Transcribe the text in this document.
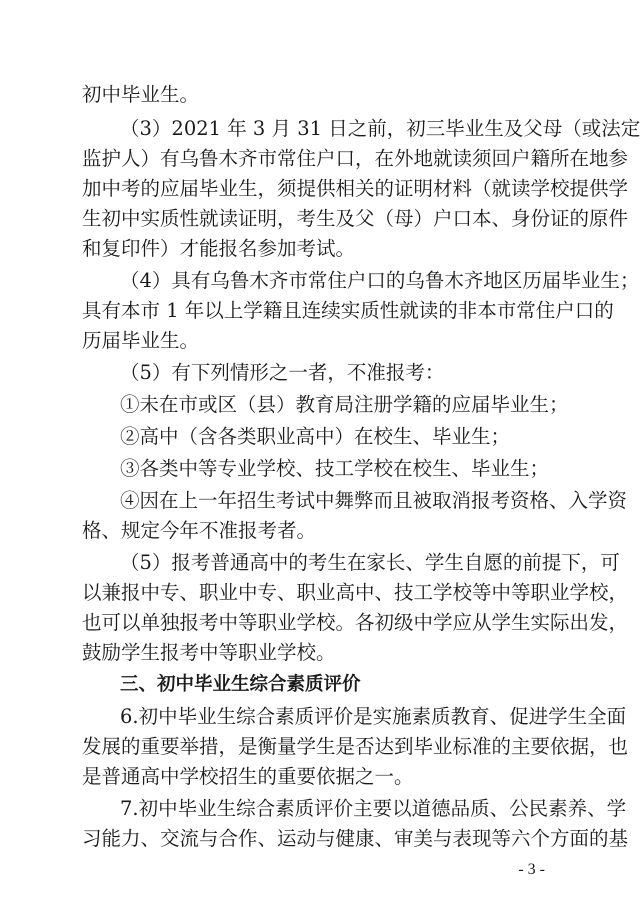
初中毕业生。
（3）2021 年 3 月 31 日之前，初三毕业生及父母（或法定
监护人）有乌鲁木齐市常住户口，在外地就读须回户籍所在地参
加中考的应届毕业生，须提供相关的证明材料（就读学校提供学
生初中实质性就读证明，考生及父（母）户口本、身份证的原件
和复印件）才能报名参加考试。
（4）具有乌鲁木齐市常住户口的乌鲁木齐地区历届毕业生；
具有本市 1 年以上学籍且连续实质性就读的非本市常住户口的
历届毕业生。
（5）有下列情形之一者，不准报考：
①未在市或区（县）教育局注册学籍的应届毕业生；
②高中（含各类职业高中）在校生、毕业生；
③各类中等专业学校、技工学校在校生、毕业生；
④因在上一年招生考试中舞弊而且被取消报考资格、入学资
格、规定今年不准报考者。
（5）报考普通高中的考生在家长、学生自愿的前提下，可
以兼报中专、职业中专、职业高中、技工学校等中等职业学校，
也可以单独报考中等职业学校。各初级中学应从学生实际出发，
鼓励学生报考中等职业学校。
三、初中毕业生综合素质评价
6.初中毕业生综合素质评价是实施素质教育、促进学生全面
发展的重要举措，是衡量学生是否达到毕业标准的主要依据，也
是普通高中学校招生的重要依据之一。
7.初中毕业生综合素质评价主要以道德品质、公民素养、学
习能力、交流与合作、运动与健康、审美与表现等六个方面的基
- 3 -
